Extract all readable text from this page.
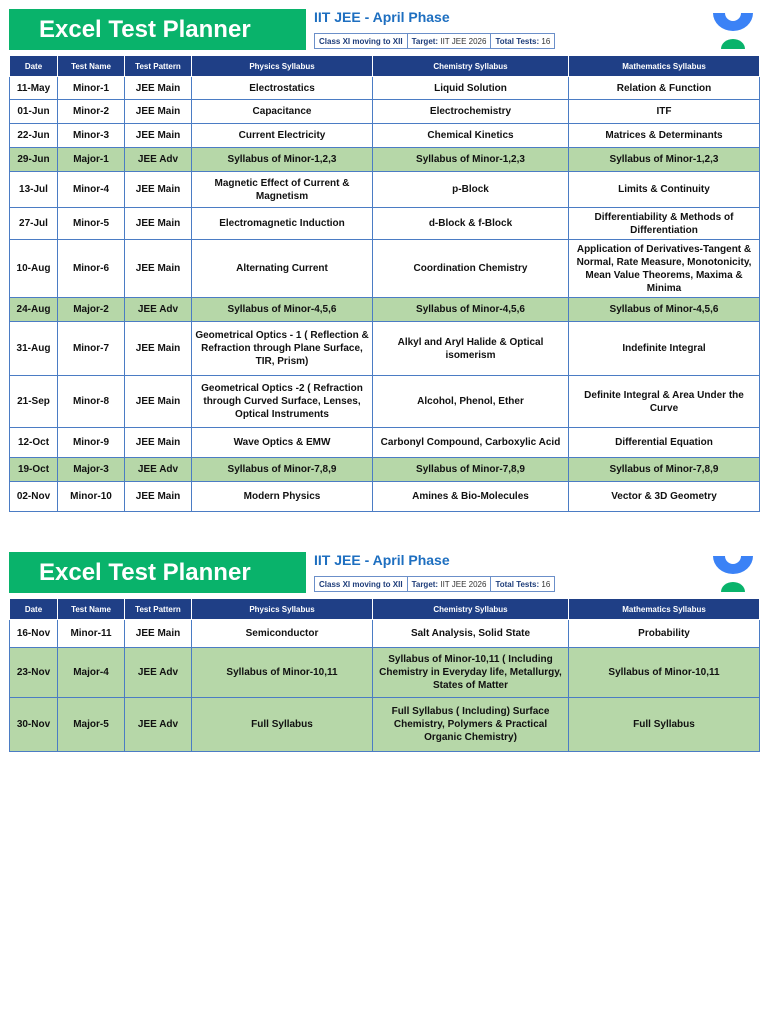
Excel Test Planner	IIT JEE - April Phase
Class XI moving to XII	Target: IIT JEE 2026	Total Tests: 16
Date	Test Name	Test Pattern	Physics Syllabus	Chemistry Syllabus	Mathematics Syllabus
11-May	Minor-1	JEE Main	Electrostatics	Liquid Solution	Relation & Function
01-Jun	Minor-2	JEE Main	Capacitance	Electrochemistry	ITF
22-Jun	Minor-3	JEE Main	Current Electricity	Chemical Kinetics	Matrices & Determinants
29-Jun	Major-1	JEE Adv	Syllabus of Minor-1,2,3	Syllabus of Minor-1,2,3	Syllabus of Minor-1,2,3
13-Jul	Minor-4	JEE Main	Magnetic Effect of Current & Magnetism	p-Block	Limits & Continuity
27-Jul	Minor-5	JEE Main	Electromagnetic Induction	d-Block & f-Block	Differentiability & Methods of Differentiation
10-Aug	Minor-6	JEE Main	Alternating Current	Coordination Chemistry	Application of Derivatives-Tangent & Normal, Rate Measure, Monotonicity, Mean Value Theorems, Maxima & Minima
24-Aug	Major-2	JEE Adv	Syllabus of Minor-4,5,6	Syllabus of Minor-4,5,6	Syllabus of Minor-4,5,6
31-Aug	Minor-7	JEE Main	Geometrical Optics - 1 ( Reflection & Refraction through Plane Surface, TIR, Prism)	Alkyl and Aryl Halide & Optical isomerism	Indefinite Integral
21-Sep	Minor-8	JEE Main	Geometrical Optics -2 ( Refraction through Curved Surface, Lenses, Optical Instruments	Alcohol, Phenol, Ether	Definite Integral & Area Under the Curve
12-Oct	Minor-9	JEE Main	Wave Optics & EMW	Carbonyl Compound, Carboxylic Acid	Differential Equation
19-Oct	Major-3	JEE Adv	Syllabus of Minor-7,8,9	Syllabus of Minor-7,8,9	Syllabus of Minor-7,8,9
02-Nov	Minor-10	JEE Main	Modern Physics	Amines & Bio-Molecules	Vector & 3D Geometry
Excel Test Planner	IIT JEE - April Phase
Class XI moving to XII	Target: IIT JEE 2026	Total Tests: 16
Date	Test Name	Test Pattern	Physics Syllabus	Chemistry Syllabus	Mathematics Syllabus
16-Nov	Minor-11	JEE Main	Semiconductor	Salt Analysis, Solid State	Probability
23-Nov	Major-4	JEE Adv	Syllabus of Minor-10,11	Syllabus of Minor-10,11 ( Including Chemistry in Everyday life, Metallurgy, States of Matter	Syllabus of Minor-10,11
30-Nov	Major-5	JEE Adv	Full Syllabus	Full Syllabus ( Including) Surface Chemistry, Polymers & Practical Organic Chemistry)	Full Syllabus
